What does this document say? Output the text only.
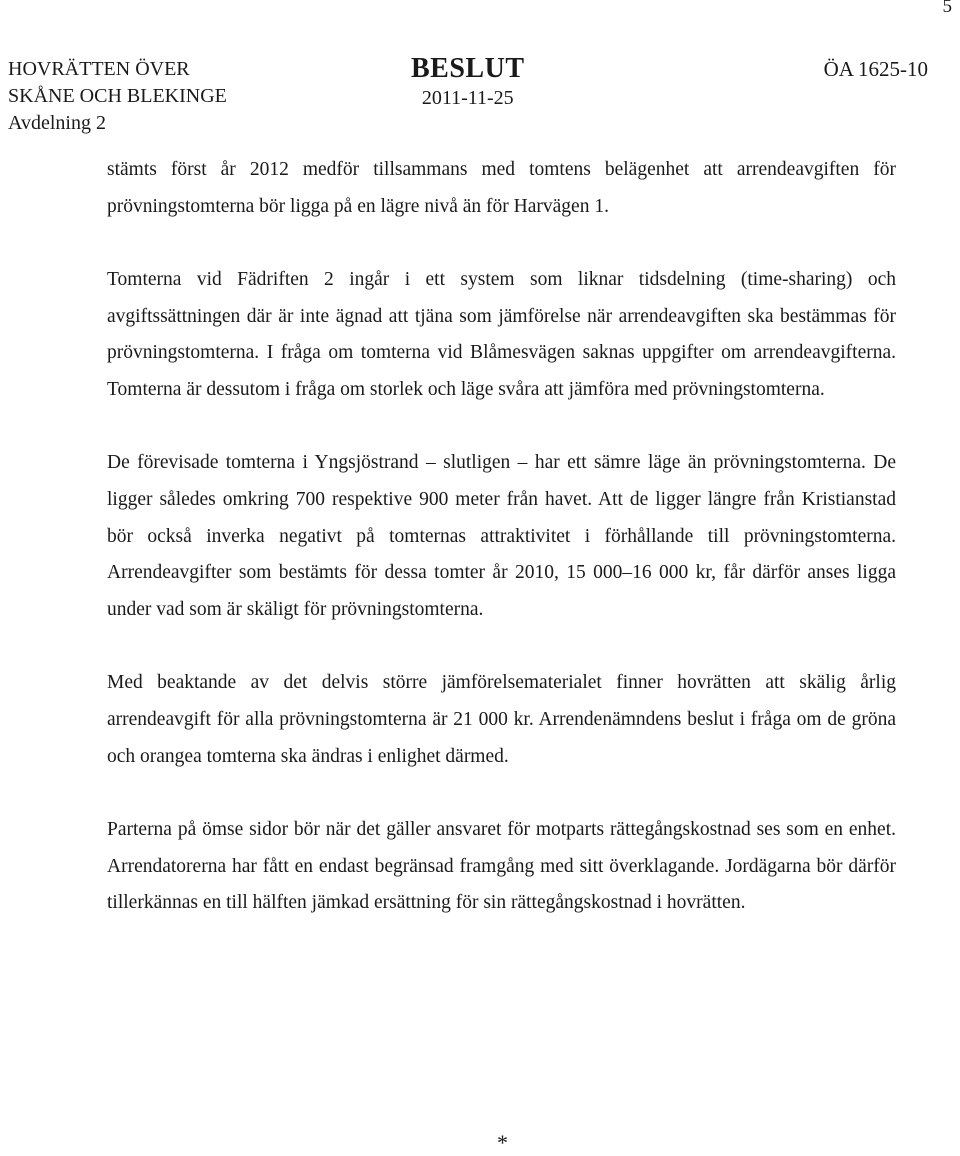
5
HOVRÄTTEN ÖVER
SKÅNE OCH BLEKINGE
Avdelning 2
BESLUT
2011-11-25
ÖA 1625-10

stämts först år 2012 medför tillsammans med tomtens belägenhet att arrendeavgiften för prövningstomterna bör ligga på en lägre nivå än för Harvägen 1.

Tomterna vid Fädriften 2 ingår i ett system som liknar tidsdelning (time-sharing) och avgiftssättningen där är inte ägnad att tjäna som jämförelse när arrendeavgiften ska bestämmas för prövningstomterna. I fråga om tomterna vid Blåmesvägen saknas uppgifter om arrendeavgifterna. Tomterna är dessutom i fråga om storlek och läge svåra att jämföra med prövningstomterna.

De förevisade tomterna i Yngsjöstrand – slutligen – har ett sämre läge än prövningstomterna. De ligger således omkring 700 respektive 900 meter från havet. Att de ligger längre från Kristianstad bör också inverka negativt på tomternas attraktivitet i förhållande till prövningstomterna. Arrendeavgifter som bestämts för dessa tomter år 2010, 15 000–16 000 kr, får därför anses ligga under vad som är skäligt för prövningstomterna.

Med beaktande av det delvis större jämförelsematerialet finner hovrätten att skälig årlig arrendeavgift för alla prövningstomterna är 21 000 kr. Arrendenämndens beslut i fråga om de gröna och orangea tomterna ska ändras i enlighet därmed.

Parterna på ömse sidor bör när det gäller ansvaret för motparts rättegångskostnad ses som en enhet. Arrendatorerna har fått en endast begränsad framgång med sitt överklagande. Jordägarna bör därför tillerkännas en till hälften jämkad ersättning för sin rättegångskostnad i hovrätten.

*
